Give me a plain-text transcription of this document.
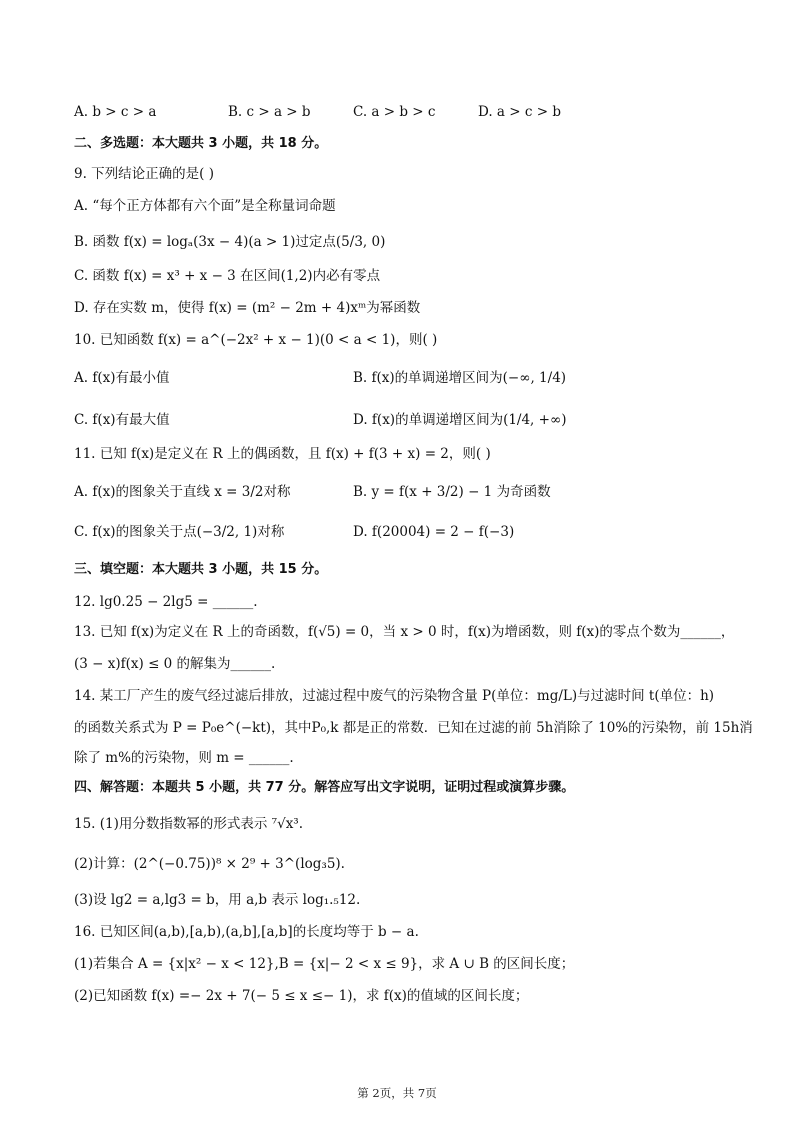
A. b > c > a	B. c > a > b	C. a > b > c	D. a > c > b
二、多选题：本大题共 3 小题，共 18 分。
9. 下列结论正确的是( )
A. “每个正方体都有六个面”是全称量词命题
B. 函数 f(x) = logₐ(3x − 4)(a > 1)过定点(5/3, 0)
C. 函数 f(x) = x³ + x − 3 在区间(1,2)内必有零点
D. 存在实数 m，使得 f(x) = (m² − 2m + 4)xᵐ为幂函数
10. 已知函数 f(x) = a^(−2x² + x − 1)(0 < a < 1)，则( )
A. f(x)有最小值	B. f(x)的单调递增区间为(−∞, 1/4)
C. f(x)有最大值	D. f(x)的单调递增区间为(1/4, +∞)
11. 已知 f(x)是定义在 R 上的偶函数，且 f(x) + f(3 + x) = 2，则( )
A. f(x)的图象关于直线 x = 3/2对称	B. y = f(x + 3/2) − 1 为奇函数
C. f(x)的图象关于点(−3/2, 1)对称	D. f(20004) = 2 − f(−3)
三、填空题：本大题共 3 小题，共 15 分。
12. lg0.25 − 2lg5 = ______.
13. 已知 f(x)为定义在 R 上的奇函数，f(√5) = 0，当 x > 0 时，f(x)为增函数，则 f(x)的零点个数为______，
(3 − x)f(x) ≤ 0 的解集为______.
14. 某工厂产生的废气经过滤后排放，过滤过程中废气的污染物含量 P(单位：mg/L)与过滤时间 t(单位：h)
的函数关系式为 P = P₀e^(−kt)，其中P₀,k 都是正的常数．已知在过滤的前 5h消除了 10%的污染物，前 15h消
除了 m%的污染物，则 m = ______.
四、解答题：本题共 5 小题，共 77 分。解答应写出文字说明，证明过程或演算步骤。
15. (1)用分数指数幂的形式表示 ⁷√x³.
(2)计算：(2^(−0.75))⁸ × 2⁹ + 3^(log₃5).
(3)设 lg2 = a,lg3 = b，用 a,b 表示 log₁.₅12.
16. 已知区间(a,b),[a,b),(a,b],[a,b]的长度均等于 b − a.
(1)若集合 A = {x|x² − x < 12},B = {x|− 2 < x ≤ 9}，求 A ∪ B 的区间长度；
(2)已知函数 f(x) =− 2x + 7(− 5 ≤ x ≤− 1)，求 f(x)的值域的区间长度；
第 2页，共 7页
